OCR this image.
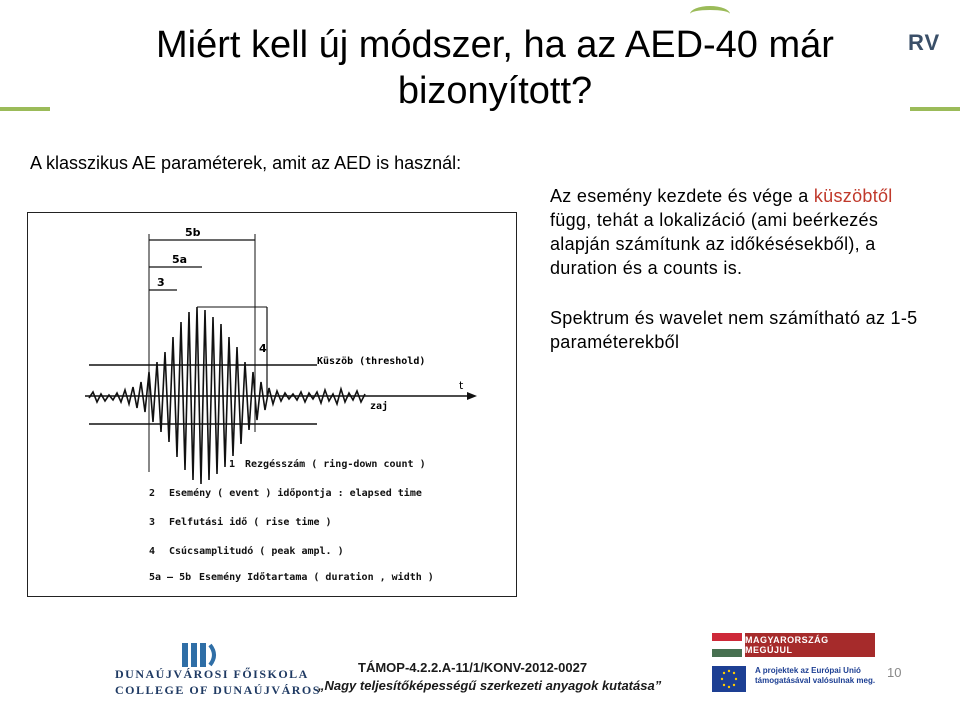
RV
Miért kell új módszer, ha az AED-40 már
bizonyított?
A klasszikus AE paraméterek, amit az AED is használ:
Küszöb (threshold)
t
zaj
5b
5a
3
4
1 Rezgésszám ( ring-down count )
2 Esemény ( event ) időpontja : elapsed time
3 Felfutási idő ( rise time )
4 Csúcsamplitudó ( peak ampl. )
5a – 5b Esemény Időtartama ( duration , width )

Az esemény kezdete és vége a küszöbtől függ, tehát a lokalizáció (ami beérkezés alapján számítunk az időkésésekből), a duration és a counts is.

Spektrum és wavelet nem számítható az 1-5 paraméterekből

DUNAÚJVÁROSI FŐISKOLA
COLLEGE OF DUNAÚJVÁROS
TÁMOP-4.2.2.A-11/1/KONV-2012-0027
„Nagy teljesítőképességű szerkezeti anyagok kutatása”
MAGYARORSZÁG MEGÚJUL
A projektek az Európai Unió támogatásával valósulnak meg.
10
